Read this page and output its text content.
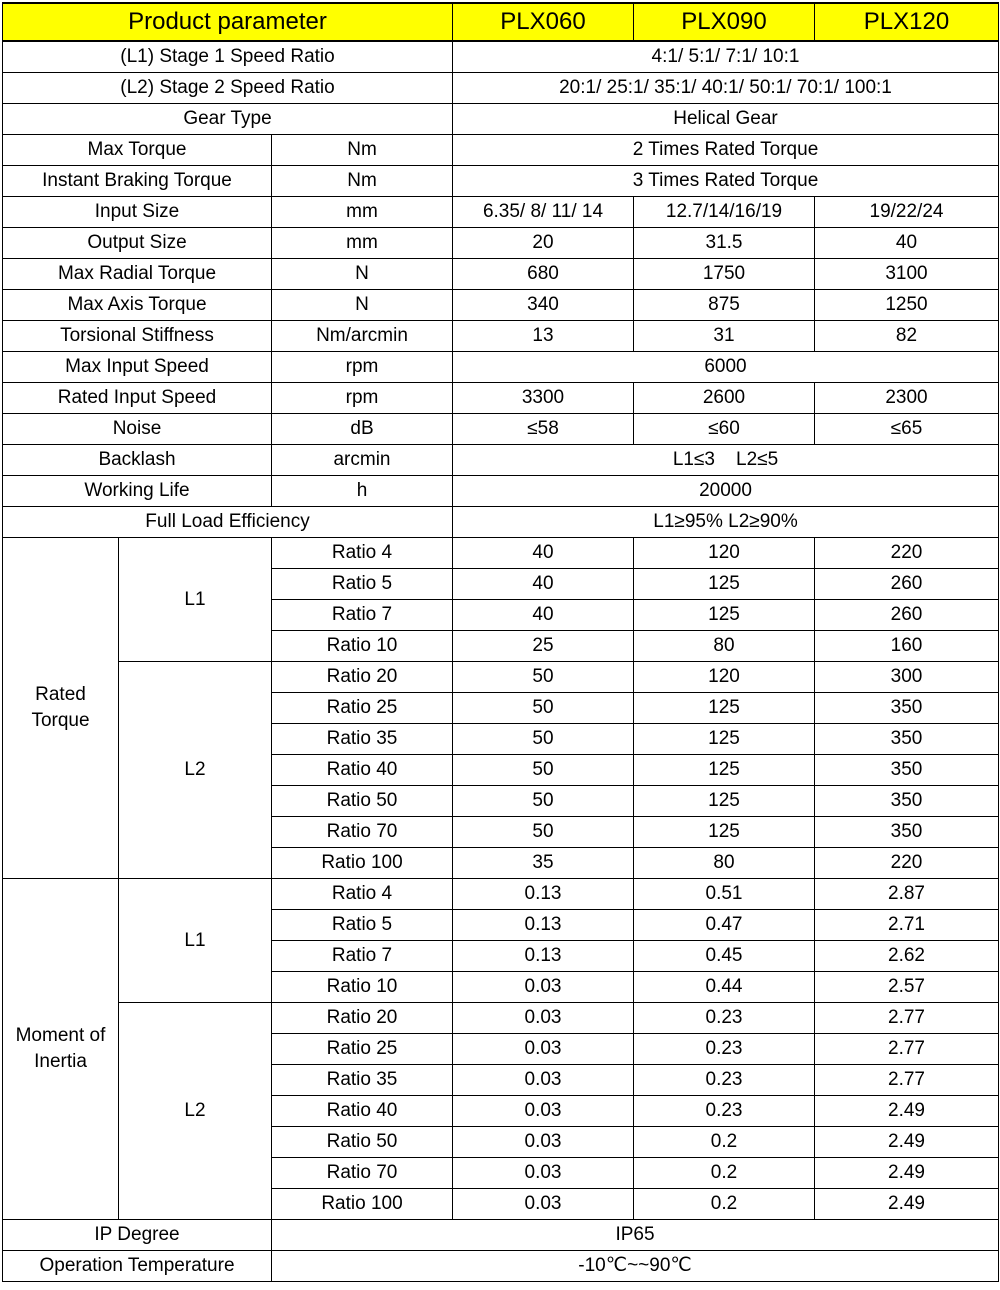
Product parameter			PLX060	PLX090	PLX120
(L1) Stage 1 Speed Ratio			4:1/ 5:1/ 7:1/ 10:1		
(L2) Stage 2 Speed Ratio			20:1/ 25:1/ 35:1/ 40:1/ 50:1/ 70:1/ 100:1		
Gear Type			Helical Gear		
Max Torque		Nm	2 Times Rated Torque		
Instant Braking Torque		Nm	3 Times Rated Torque		
Input Size		mm	6.35/ 8/ 11/ 14	12.7/14/16/19	19/22/24
Output Size		mm	20	31.5	40
Max Radial Torque		N	680	1750	3100
Max Axis Torque		N	340	875	1250
Torsional Stiffness		Nm/arcmin	13	31	82
Max Input Speed		rpm	6000		
Rated Input Speed		rpm	3300	2600	2300
Noise		dB	≤58	≤60	≤65
Backlash		arcmin	L1≤3    L2≤5		
Working Life		h	20000		
Full Load Efficiency			L1≥95% L2≥90%		
Rated Torque	L1	Ratio 4	40	120	220
		Ratio 5	40	125	260
		Ratio 7	40	125	260
		Ratio 10	25	80	160
	L2	Ratio 20	50	120	300
		Ratio 25	50	125	350
		Ratio 35	50	125	350
		Ratio 40	50	125	350
		Ratio 50	50	125	350
		Ratio 70	50	125	350
		Ratio 100	35	80	220
Moment of Inertia	L1	Ratio 4	0.13	0.51	2.87
		Ratio 5	0.13	0.47	2.71
		Ratio 7	0.13	0.45	2.62
		Ratio 10	0.03	0.44	2.57
	L2	Ratio 20	0.03	0.23	2.77
		Ratio 25	0.03	0.23	2.77
		Ratio 35	0.03	0.23	2.77
		Ratio 40	0.03	0.23	2.49
		Ratio 50	0.03	0.2	2.49
		Ratio 70	0.03	0.2	2.49
		Ratio 100	0.03	0.2	2.49
IP Degree		IP65			
Operation Temperature		-10℃~~90℃			
